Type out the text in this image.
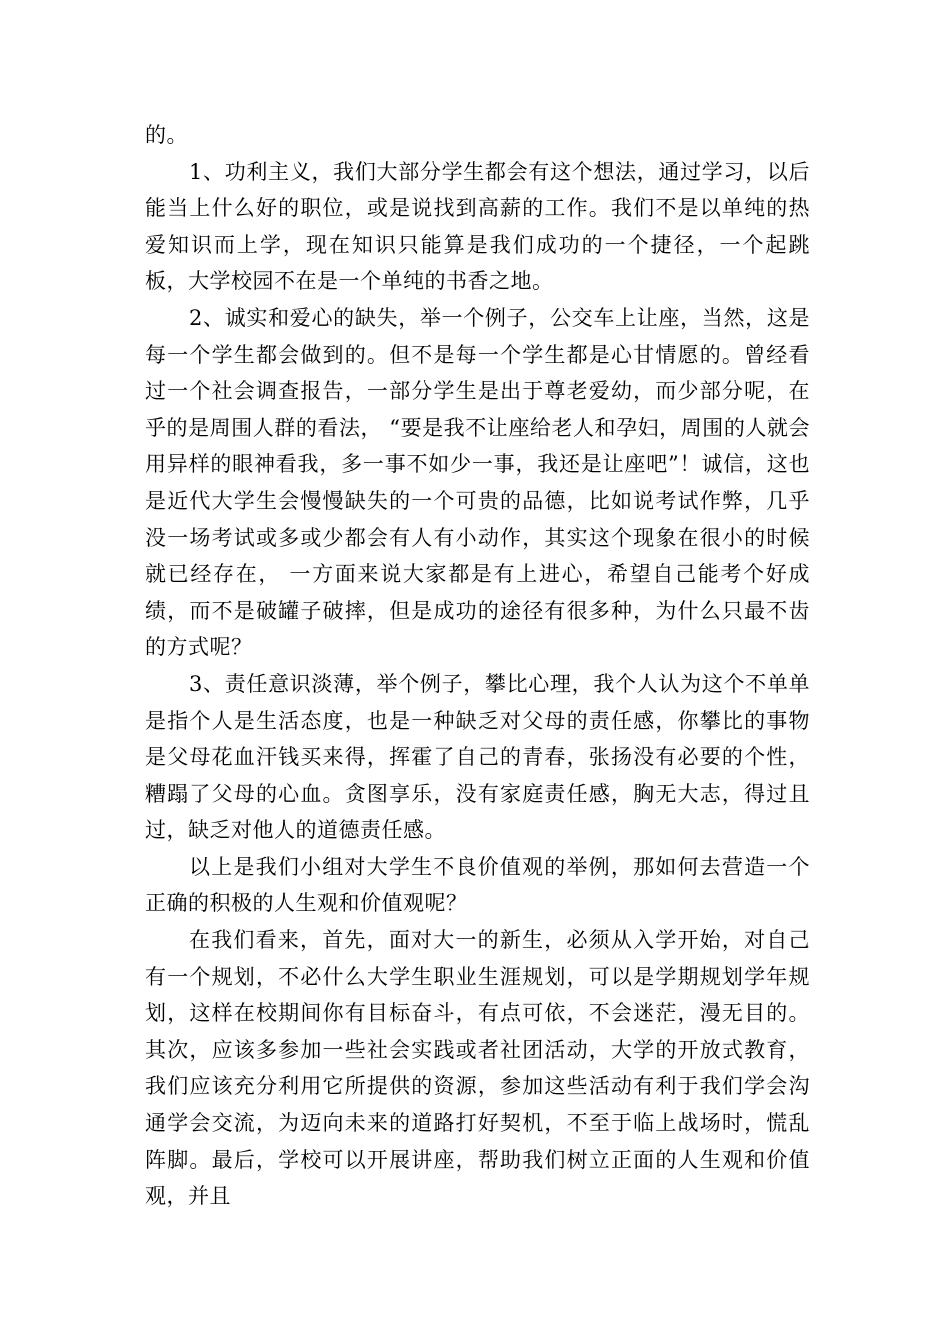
的。

1、功利主义，我们大部分学生都会有这个想法，通过学习，以后能当上什么好的职位，或是说找到高薪的工作。我们不是以单纯的热爱知识而上学，现在知识只能算是我们成功的一个捷径，一个起跳板，大学校园不在是一个单纯的书香之地。

2、诚实和爱心的缺失，举一个例子，公交车上让座，当然，这是每一个学生都会做到的。但不是每一个学生都是心甘情愿的。曾经看过一个社会调查报告，一部分学生是出于尊老爱幼，而少部分呢，在乎的是周围人群的看法， “要是我不让座给老人和孕妇，周围的人就会用异样的眼神看我，多一事不如少一事，我还是让座吧”！诚信，这也是近代大学生会慢慢缺失的一个可贵的品德，比如说考试作弊，几乎没一场考试或多或少都会有人有小动作，其实这个现象在很小的时候就已经存在， 一方面来说大家都是有上进心，希望自己能考个好成绩，而不是破罐子破摔，但是成功的途径有很多种，为什么只最不齿的方式呢？

3、责任意识淡薄，举个例子，攀比心理，我个人认为这个不单单是指个人是生活态度，也是一种缺乏对父母的责任感，你攀比的事物是父母花血汗钱买来得，挥霍了自己的青春，张扬没有必要的个性，糟蹋了父母的心血。贪图享乐，没有家庭责任感，胸无大志，得过且过，缺乏对他人的道德责任感。

以上是我们小组对大学生不良价值观的举例，那如何去营造一个正确的积极的人生观和价值观呢？

在我们看来，首先，面对大一的新生，必须从入学开始，对自己有一个规划，不必什么大学生职业生涯规划，可以是学期规划学年规划，这样在校期间你有目标奋斗，有点可依，不会迷茫，漫无目的。其次，应该多参加一些社会实践或者社团活动，大学的开放式教育，我们应该充分利用它所提供的资源，参加这些活动有利于我们学会沟通学会交流，为迈向未来的道路打好契机，不至于临上战场时，慌乱阵脚。最后，学校可以开展讲座，帮助我们树立正面的人生观和价值观，并且
